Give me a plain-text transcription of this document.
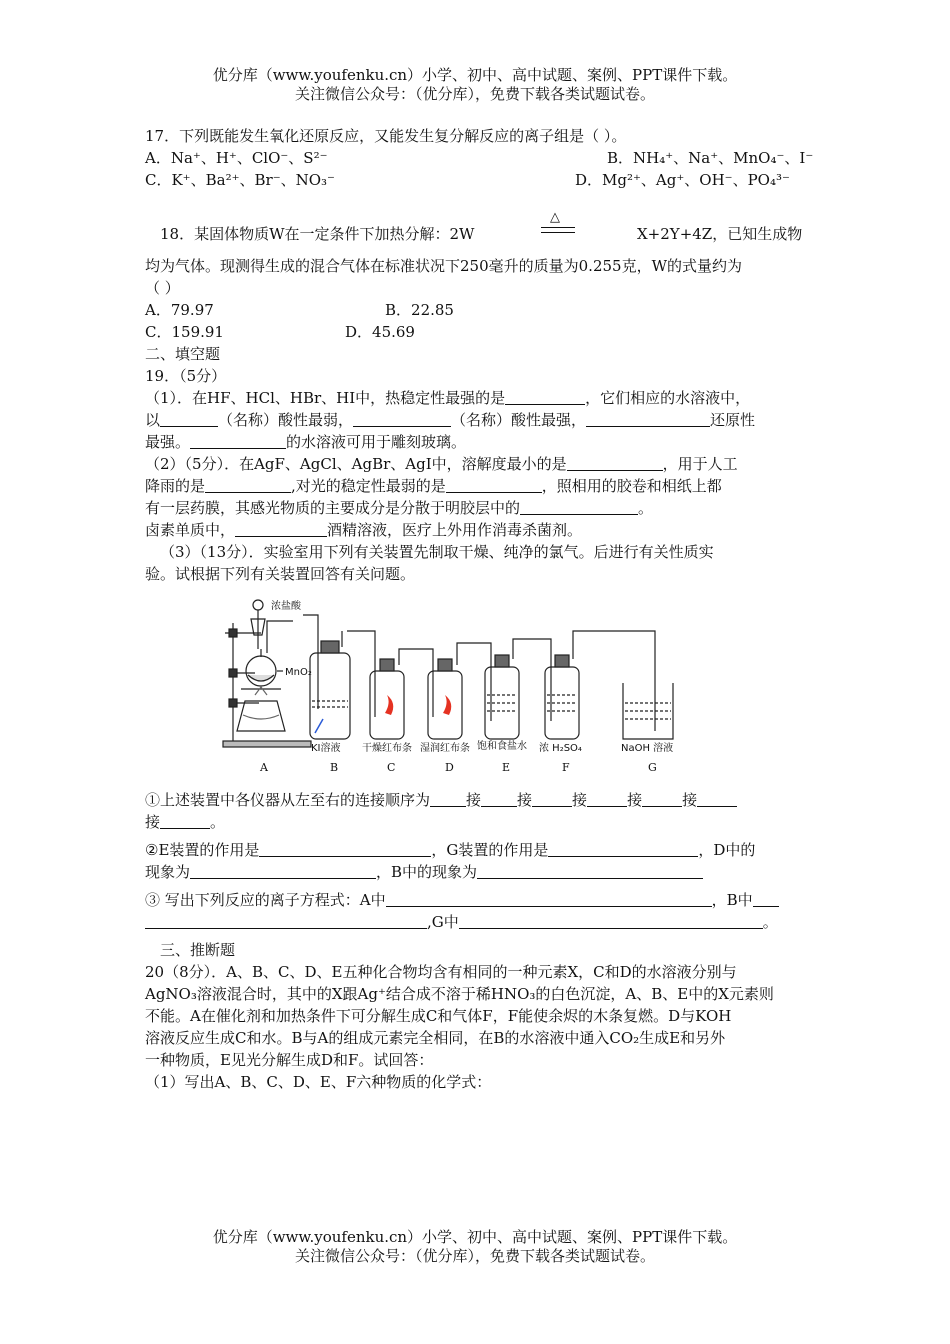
优分库（www.youfenku.cn）小学、初中、高中试题、案例、PPT课件下载。
关注微信公众号：（优分库），免费下载各类试题试卷。
17．下列既能发生氧化还原反应，又能发生复分解反应的离子组是（ ）。
A．Na⁺、H⁺、ClO⁻、S²⁻	B．NH₄⁺、Na⁺、MnO₄⁻、I⁻
C．K⁺、Ba²⁺、Br⁻、NO₃⁻	D．Mg²⁺、Ag⁺、OH⁻、PO₄³⁻
18．某固体物质W在一定条件下加热分解：2W
△
X+2Y+4Z，已知生成物
均为气体。现测得生成的混合气体在标准状况下250毫升的质量为0.255克，W的式量约为
（ ）
A．79.97	B．22.85
C．159.91	D．45.69
二、填空题
19．（5分）
（1）．在HF、HCl、HBr、HI中，热稳定性最强的是	，它们相应的水溶液中，
以	（名称）酸性最弱，	（名称）酸性最强，	还原性
最强。	的水溶液可用于雕刻玻璃。
（2）（5分）．在AgF、AgCl、AgBr、AgI中，溶解度最小的是	，用于人工
降雨的是	,对光的稳定性最弱的是	，照相用的胶卷和相纸上都
有一层药膜，其感光物质的主要成分是分散于明胶层中的	。
卤素单质中，	酒精溶液，医疗上外用作消毒杀菌剂。
（3）（13分）．实验室用下列有关装置先制取干燥、纯净的氯气。后进行有关性质实
验。试根据下列有关装置回答有关问题。
浓盐酸
MnO₂
KI溶液 干燥红布条 湿润红布条 饱和食盐水 浓 H₂SO₄	NaOH 溶液
A	B	C	D	E	F	G
①上述装置中各仪器从左至右的连接顺序为 接 接	接	接	接
接	。
②E装置的作用是	，G装置的作用是	，D中的
现象为	，B中的现象为
③ 写出下列反应的离子方程式：A中	，B中
,G中	。
三、推断题
20（8分）．A、B、C、D、E五种化合物均含有相同的一种元素X，C和D的水溶液分别与
AgNO₃溶液混合时，其中的X跟Ag⁺结合成不溶于稀HNO₃的白色沉淀，A、B、E中的X元素则
不能。A在催化剂和加热条件下可分解生成C和气体F，F能使余烬的木条复燃。D与KOH
溶液反应生成C和水。B与A的组成元素完全相同，在B的水溶液中通入CO₂生成E和另外
一种物质，E见光分解生成D和F。试回答：
（1）写出A、B、C、D、E、F六种物质的化学式：
优分库（www.youfenku.cn）小学、初中、高中试题、案例、PPT课件下载。
关注微信公众号：（优分库），免费下载各类试题试卷。
